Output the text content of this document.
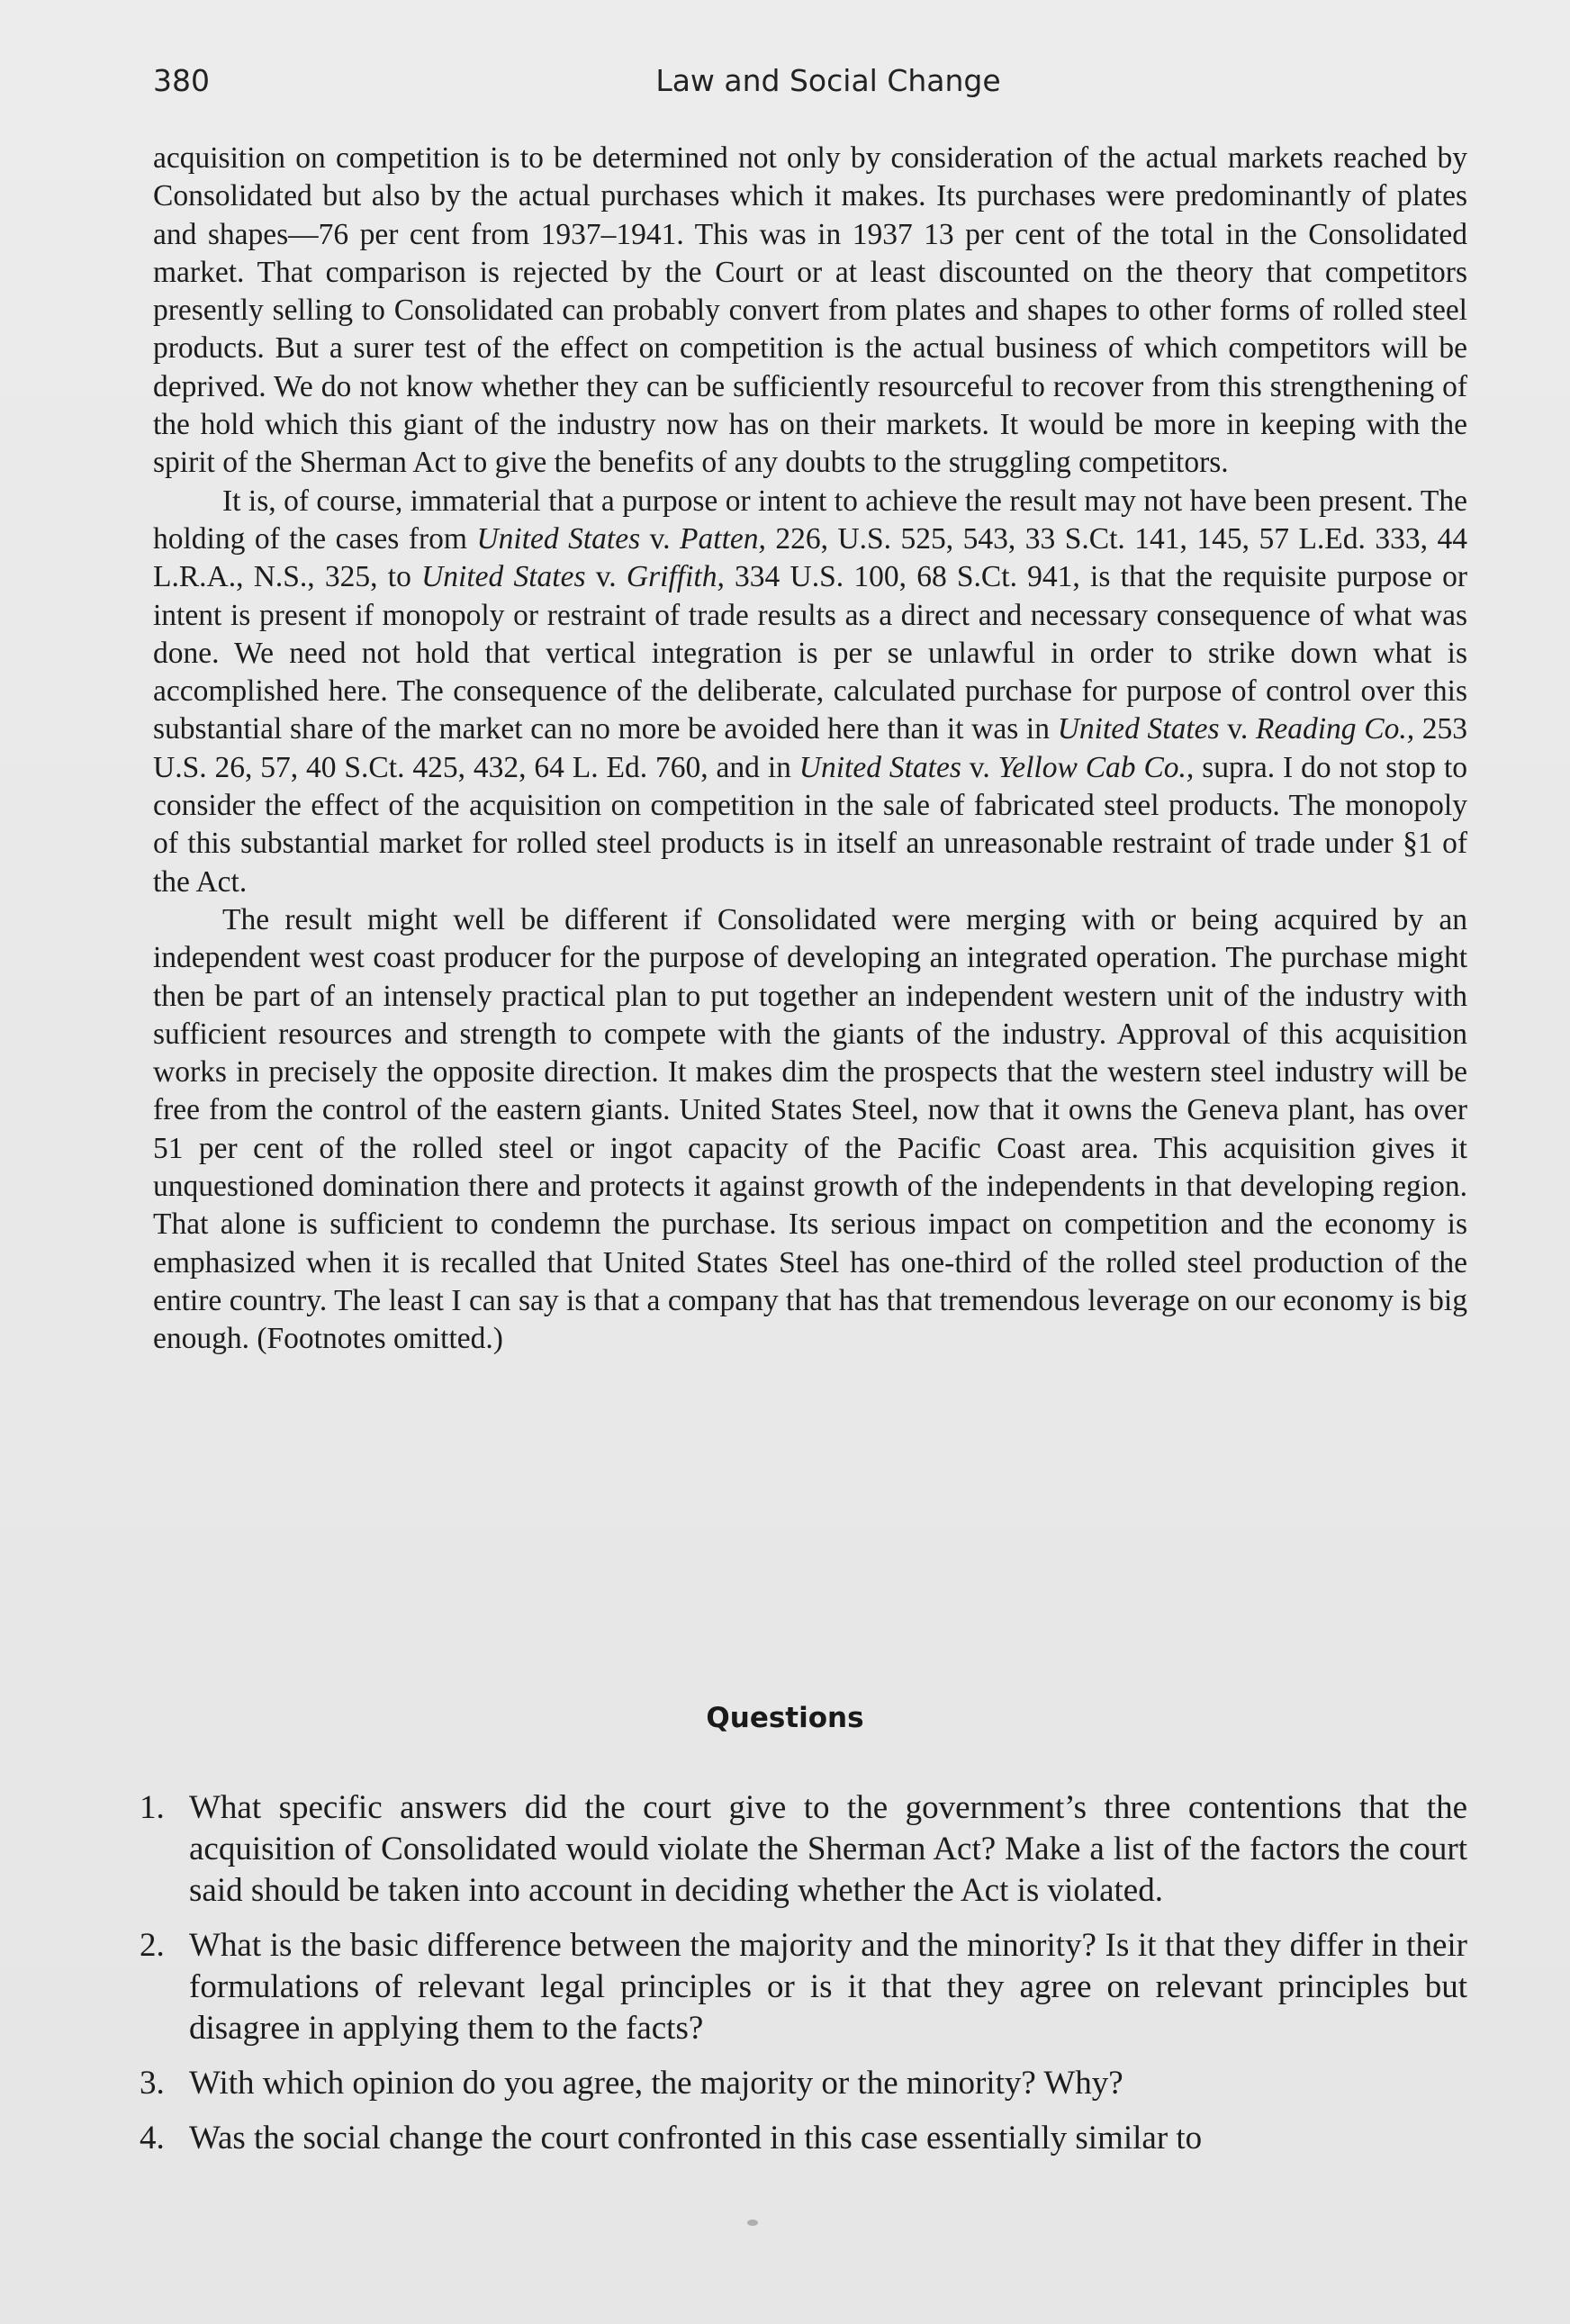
380	Law and Social Change

acquisition on competition is to be determined not only by consideration of the actual markets reached by Consolidated but also by the actual purchases which it makes. Its purchases were predominantly of plates and shapes—76 per cent from 1937–1941. This was in 1937 13 per cent of the total in the Consolidated market. That comparison is rejected by the Court or at least discounted on the theory that competitors presently selling to Consolidated can probably convert from plates and shapes to other forms of rolled steel products. But a surer test of the effect on competition is the actual business of which competitors will be deprived. We do not know whether they can be sufficiently resourceful to recover from this strengthening of the hold which this giant of the industry now has on their markets. It would be more in keeping with the spirit of the Sherman Act to give the benefits of any doubts to the struggling competitors.

It is, of course, immaterial that a purpose or intent to achieve the result may not have been present. The holding of the cases from United States v. Patten, 226, U.S. 525, 543, 33 S.Ct. 141, 145, 57 L.Ed. 333, 44 L.R.A., N.S., 325, to United States v. Griffith, 334 U.S. 100, 68 S.Ct. 941, is that the requisite purpose or intent is present if monopoly or restraint of trade results as a direct and necessary consequence of what was done. We need not hold that vertical integration is per se unlawful in order to strike down what is accomplished here. The consequence of the deliberate, calculated purchase for purpose of control over this substantial share of the market can no more be avoided here than it was in United States v. Reading Co., 253 U.S. 26, 57, 40 S.Ct. 425, 432, 64 L. Ed. 760, and in United States v. Yellow Cab Co., supra. I do not stop to consider the effect of the acquisition on competition in the sale of fabricated steel products. The monopoly of this substantial market for rolled steel products is in itself an unreasonable restraint of trade under §1 of the Act.

The result might well be different if Consolidated were merging with or being acquired by an independent west coast producer for the purpose of developing an integrated operation. The purchase might then be part of an intensely practical plan to put together an independent western unit of the industry with sufficient resources and strength to compete with the giants of the industry. Approval of this acquisition works in precisely the opposite direction. It makes dim the prospects that the western steel industry will be free from the control of the eastern giants. United States Steel, now that it owns the Geneva plant, has over 51 per cent of the rolled steel or ingot capacity of the Pacific Coast area. This acquisition gives it unquestioned domination there and protects it against growth of the independents in that developing region. That alone is sufficient to condemn the purchase. Its serious impact on competition and the economy is emphasized when it is recalled that United States Steel has one-third of the rolled steel production of the entire country. The least I can say is that a company that has that tremendous leverage on our economy is big enough. (Footnotes omitted.)

Questions
1. What specific answers did the court give to the government’s three contentions that the acquisition of Consolidated would violate the Sherman Act? Make a list of the factors the court said should be taken into account in deciding whether the Act is violated.
2. What is the basic difference between the majority and the minority? Is it that they differ in their formulations of relevant legal principles or is it that they agree on relevant principles but disagree in applying them to the facts?
3. With which opinion do you agree, the majority or the minority? Why?
4. Was the social change the court confronted in this case essentially similar to
